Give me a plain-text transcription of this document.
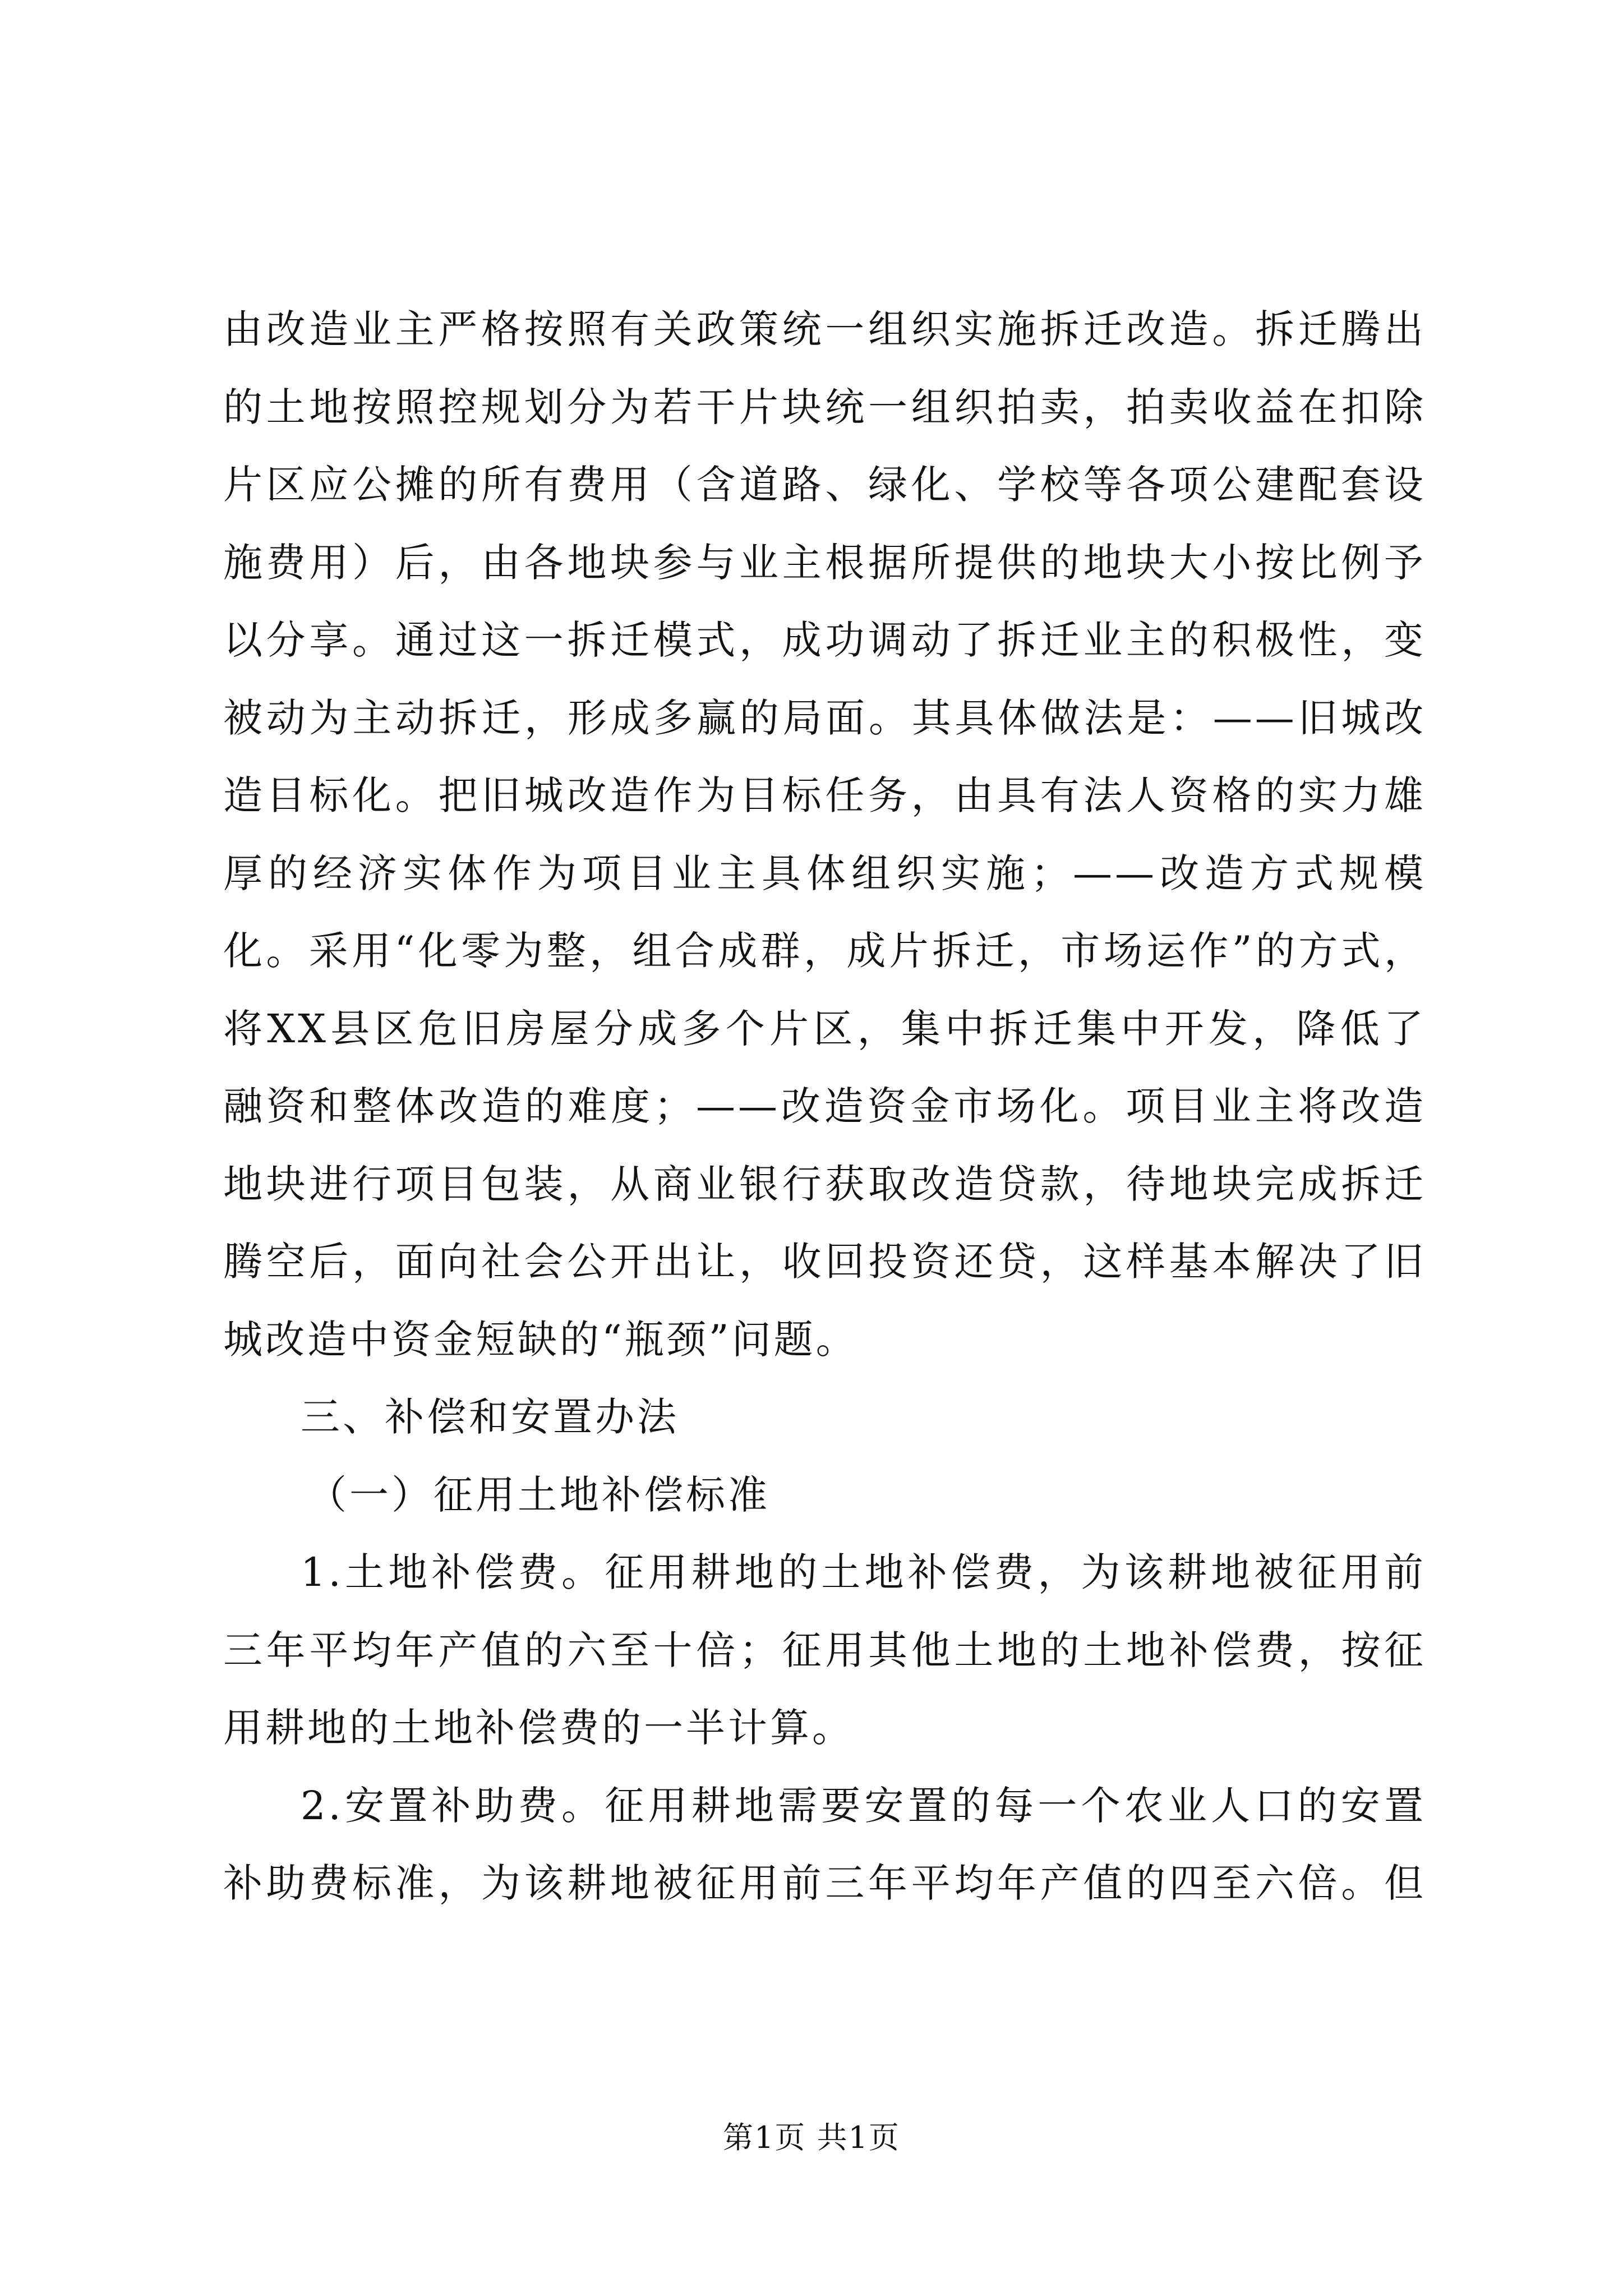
由改造业主严格按照有关政策统一组织实施拆迁改造。拆迁腾出
的土地按照控规划分为若干片块统一组织拍卖，拍卖收益在扣除
片区应公摊的所有费用（含道路、绿化、学校等各项公建配套设
施费用）后，由各地块参与业主根据所提供的地块大小按比例予
以分享。通过这一拆迁模式，成功调动了拆迁业主的积极性，变
被动为主动拆迁，形成多赢的局面。其具体做法是：——旧城改
造目标化。把旧城改造作为目标任务，由具有法人资格的实力雄
厚的经济实体作为项目业主具体组织实施；——改造方式规模
化。采用“化零为整，组合成群，成片拆迁，市场运作”的方式，
将XX县区危旧房屋分成多个片区，集中拆迁集中开发，降低了
融资和整体改造的难度；——改造资金市场化。项目业主将改造
地块进行项目包装，从商业银行获取改造贷款，待地块完成拆迁
腾空后，面向社会公开出让，收回投资还贷，这样基本解决了旧
城改造中资金短缺的“瓶颈”问题。
三、补偿和安置办法
（一）征用土地补偿标准
1.土地补偿费。征用耕地的土地补偿费，为该耕地被征用前
三年平均年产值的六至十倍；征用其他土地的土地补偿费，按征
用耕地的土地补偿费的一半计算。
2.安置补助费。征用耕地需要安置的每一个农业人口的安置
补助费标准，为该耕地被征用前三年平均年产值的四至六倍。但
第1页 共1页
